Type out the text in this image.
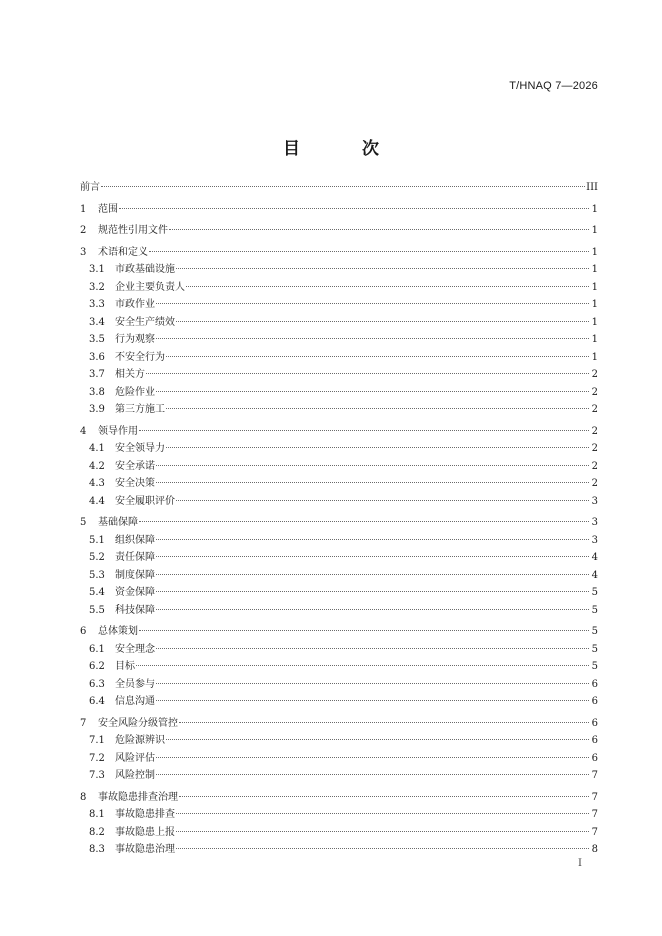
T/HNAQ 7—2026
目 次
前言	III
1	范围	1
2	规范性引用文件	1
3	术语和定义	1
3.1	市政基础设施	1
3.2	企业主要负责人	1
3.3	市政作业	1
3.4	安全生产绩效	1
3.5	行为观察	1
3.6	不安全行为	1
3.7	相关方	2
3.8	危险作业	2
3.9	第三方施工	2
4	领导作用	2
4.1	安全领导力	2
4.2	安全承诺	2
4.3	安全决策	2
4.4	安全履职评价	3
5	基础保障	3
5.1	组织保障	3
5.2	责任保障	4
5.3	制度保障	4
5.4	资金保障	5
5.5	科技保障	5
6	总体策划	5
6.1	安全理念	5
6.2	目标	5
6.3	全员参与	6
6.4	信息沟通	6
7	安全风险分级管控	6
7.1	危险源辨识	6
7.2	风险评估	6
7.3	风险控制	7
8	事故隐患排查治理	7
8.1	事故隐患排查	7
8.2	事故隐患上报	7
8.3	事故隐患治理	8
I
